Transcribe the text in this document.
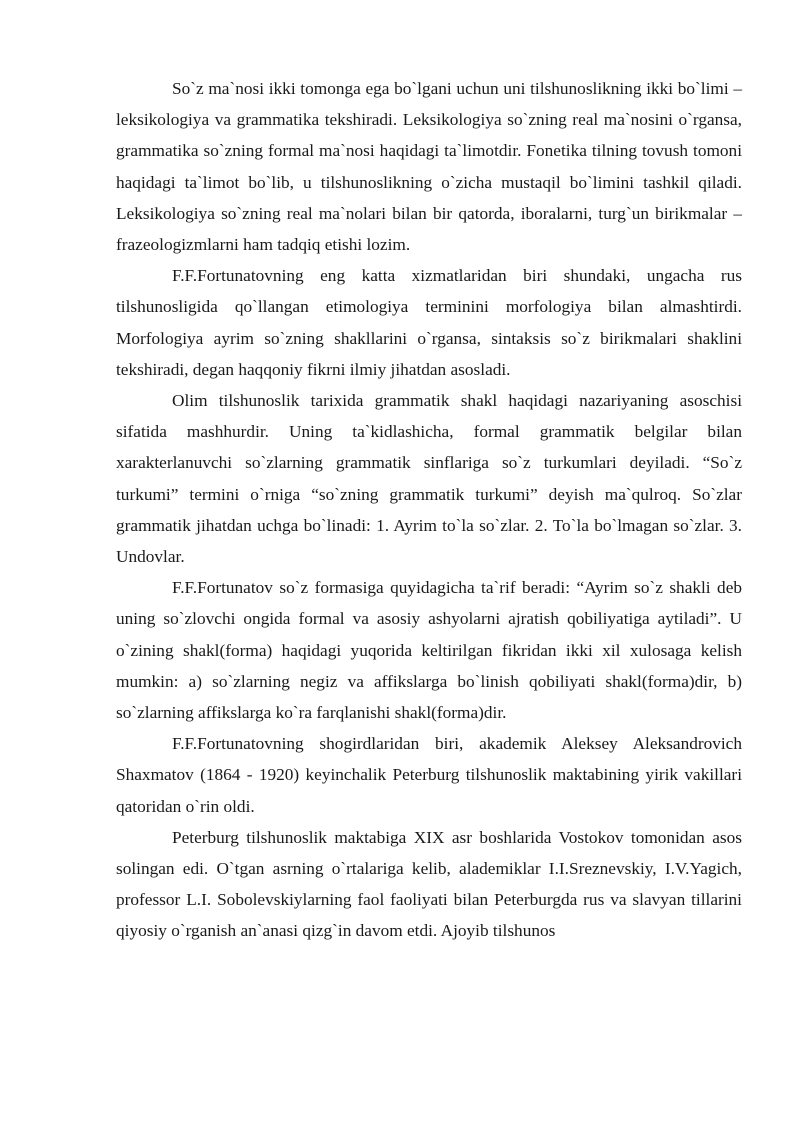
So`z ma`nosi ikki tomonga ega bo`lgani uchun uni tilshunoslikning ikki bo`limi – leksikologiya va grammatika tekshiradi. Leksikologiya so`zning real ma`nosini o`rgansa, grammatika so`zning formal ma`nosi haqidagi ta`limotdir. Fonetika tilning tovush tomoni haqidagi ta`limot bo`lib, u tilshunoslikning o`zicha mustaqil bo`limini tashkil qiladi. Leksikologiya so`zning real ma`nolari bilan bir qatorda, iboralarni, turg`un birikmalar – frazeologizmlarni ham tadqiq etishi lozim.

F.F.Fortunatovning eng katta xizmatlaridan biri shundaki, ungacha rus tilshunosligida qo`llangan etimologiya terminini morfologiya bilan almashtirdi. Morfologiya ayrim so`zning shakllarini o`rgansa, sintaksis so`z birikmalari shaklini tekshiradi, degan haqqoniy fikrni ilmiy jihatdan asosladi.

Olim tilshunoslik tarixida grammatik shakl haqidagi nazariyaning asoschisi sifatida mashhurdir. Uning ta`kidlashicha, formal grammatik belgilar bilan xarakterlanuvchi so`zlarning grammatik sinflariga so`z turkumlari deyiladi. “So`z turkumi” termini o`rniga “so`zning grammatik turkumi” deyish ma`qulroq. So`zlar grammatik jihatdan uchga bo`linadi: 1. Ayrim to`la so`zlar. 2. To`la bo`lmagan so`zlar. 3. Undovlar.

F.F.Fortunatov so`z formasiga quyidagicha ta`rif beradi: “Ayrim so`z shakli deb uning so`zlovchi ongida formal va asosiy ashyolarni ajratish qobiliyatiga aytiladi”. U o`zining shakl(forma) haqidagi yuqorida keltirilgan fikridan ikki xil xulosaga kelish mumkin: a) so`zlarning negiz va affikslarga bo`linish qobiliyati shakl(forma)dir, b) so`zlarning affikslarga ko`ra farqlanishi shakl(forma)dir.

F.F.Fortunatovning shogirdlaridan biri, akademik Aleksey Aleksandrovich Shaxmatov (1864 - 1920) keyinchalik Peterburg tilshunoslik maktabining yirik vakillari qatoridan o`rin oldi.

Peterburg tilshunoslik maktabiga XIX asr boshlarida Vostokov tomonidan asos solingan edi. O`tgan asrning o`rtalariga kelib, alademiklar I.I.Sreznevskiy, I.V.Yagich, professor L.I. Sobolevskiylarning faol faoliyati bilan Peterburgda rus va slavyan tillarini qiyosiy o`rganish an`anasi qizg`in davom etdi. Ajoyib tilshunos
